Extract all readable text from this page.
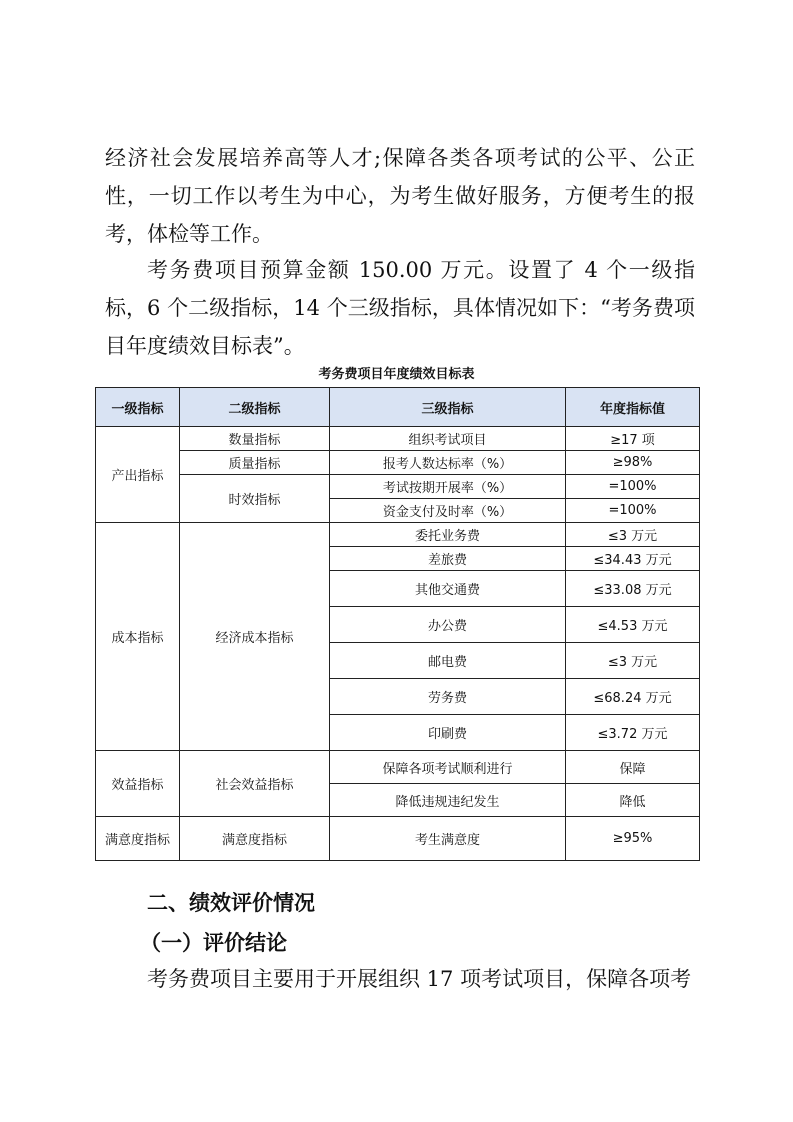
经济社会发展培养高等人才;保障各类各项考试的公平、公正性，一切工作以考生为中心，为考生做好服务，方便考生的报考，体检等工作。

考务费项目预算金额 150.00 万元。设置了 4 个一级指标，6 个二级指标，14 个三级指标，具体情况如下：“考务费项目年度绩效目标表”。

考务费项目年度绩效目标表
一级指标	二级指标	三级指标	年度指标值
产出指标	数量指标	组织考试项目	≥17 项
	质量指标	报考人数达标率（%）	≥98%
	时效指标	考试按期开展率（%）	=100%
		资金支付及时率（%）	=100%
成本指标	经济成本指标	委托业务费	≤3 万元
		差旅费	≤34.43 万元
		其他交通费	≤33.08 万元
		办公费	≤4.53 万元
		邮电费	≤3 万元
		劳务费	≤68.24 万元
		印刷费	≤3.72 万元
效益指标	社会效益指标	保障各项考试顺利进行	保障
		降低违规违纪发生	降低
满意度指标	满意度指标	考生满意度	≥95%
二、绩效评价情况
（一）评价结论

考务费项目主要用于开展组织 17 项考试项目，保障各项考
